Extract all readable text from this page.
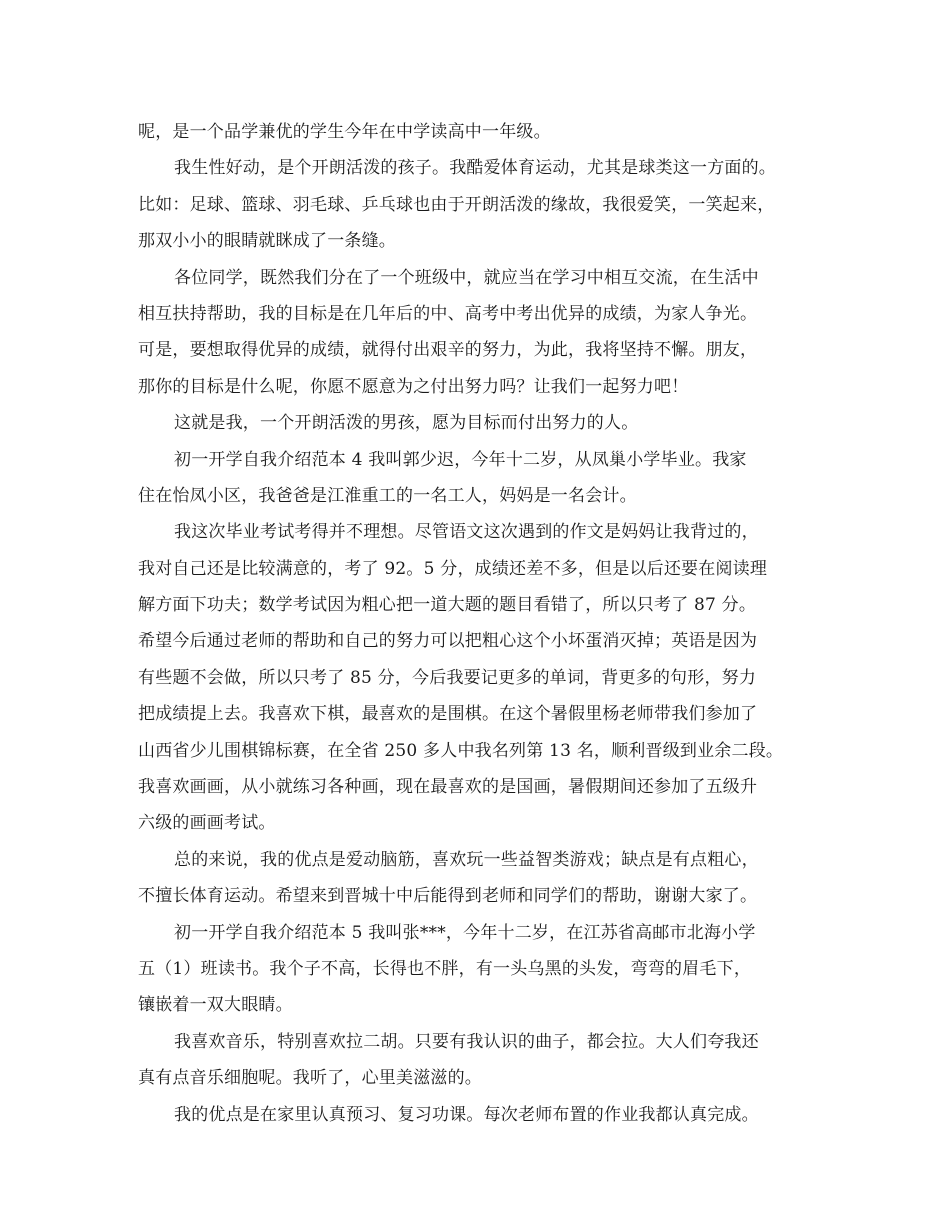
呢，是一个品学兼优的学生今年在中学读高中一年级。
我生性好动，是个开朗活泼的孩子。我酷爱体育运动，尤其是球类这一方面的。
比如：足球、篮球、羽毛球、乒乓球也由于开朗活泼的缘故，我很爱笑，一笑起来，
那双小小的眼睛就眯成了一条缝。
各位同学，既然我们分在了一个班级中，就应当在学习中相互交流，在生活中
相互扶持帮助，我的目标是在几年后的中、高考中考出优异的成绩，为家人争光。
可是，要想取得优异的成绩，就得付出艰辛的努力，为此，我将坚持不懈。朋友，
那你的目标是什么呢，你愿不愿意为之付出努力吗？让我们一起努力吧！
这就是我，一个开朗活泼的男孩，愿为目标而付出努力的人。
初一开学自我介绍范本 4 我叫郭少迟，今年十二岁，从凤巢小学毕业。我家
住在怡凤小区，我爸爸是江淮重工的一名工人，妈妈是一名会计。
我这次毕业考试考得并不理想。尽管语文这次遇到的作文是妈妈让我背过的，
我对自己还是比较满意的，考了 92。5 分，成绩还差不多，但是以后还要在阅读理
解方面下功夫；数学考试因为粗心把一道大题的题目看错了，所以只考了 87 分。
希望今后通过老师的帮助和自己的努力可以把粗心这个小坏蛋消灭掉；英语是因为
有些题不会做，所以只考了 85 分，今后我要记更多的单词，背更多的句形，努力
把成绩提上去。我喜欢下棋，最喜欢的是围棋。在这个暑假里杨老师带我们参加了
山西省少儿围棋锦标赛，在全省 250 多人中我名列第 13 名，顺利晋级到业余二段。
我喜欢画画，从小就练习各种画，现在最喜欢的是国画，暑假期间还参加了五级升
六级的画画考试。
总的来说，我的优点是爱动脑筋，喜欢玩一些益智类游戏；缺点是有点粗心，
不擅长体育运动。希望来到晋城十中后能得到老师和同学们的帮助，谢谢大家了。
初一开学自我介绍范本 5 我叫张***，今年十二岁，在江苏省高邮市北海小学
五（1）班读书。我个子不高，长得也不胖，有一头乌黑的头发，弯弯的眉毛下，
镶嵌着一双大眼睛。
我喜欢音乐，特别喜欢拉二胡。只要有我认识的曲子，都会拉。大人们夸我还
真有点音乐细胞呢。我听了，心里美滋滋的。
我的优点是在家里认真预习、复习功课。每次老师布置的作业我都认真完成。
